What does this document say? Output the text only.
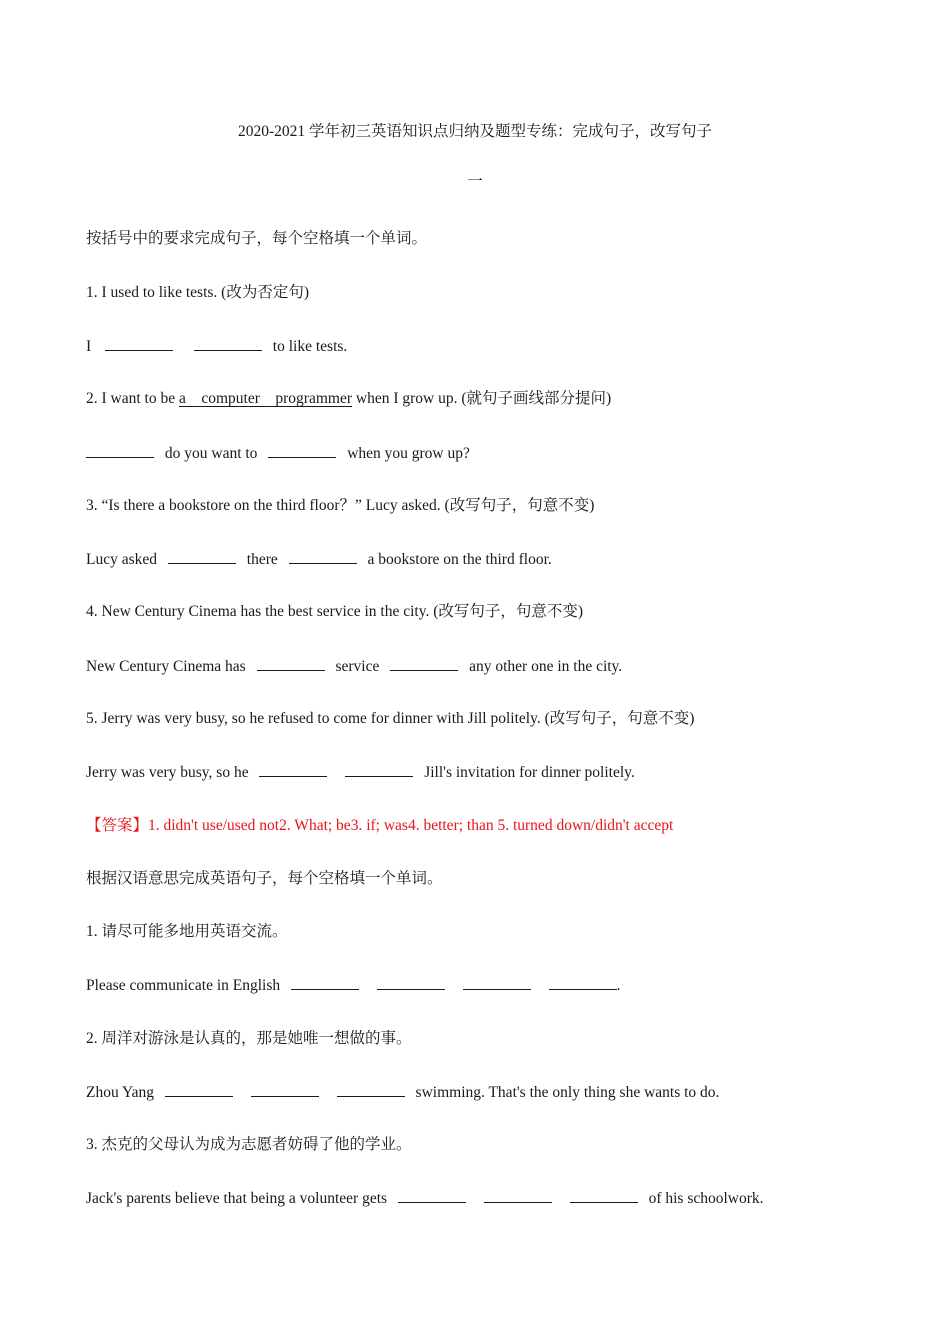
2020-2021 学年初三英语知识点归纳及题型专练：完成句子，改写句子
一
按括号中的要求完成句子，每个空格填一个单词。
1. I used to like tests. (改为否定句)
I	to like tests.
2. I want to be a    computer    programmer when I grow up. (就句子画线部分提问)
do you want to	when you grow up?
3. “Is there a bookstore on the third floor？” Lucy asked. (改写句子，句意不变)
Lucy asked	there	a bookstore on the third floor.
4. New Century Cinema has the best service in the city. (改写句子，句意不变)
New Century Cinema has	service	any other one in the city.
5. Jerry was very busy, so he refused to come for dinner with Jill politely. (改写句子，句意不变)
Jerry was very busy, so he	Jill's invitation for dinner politely.
【答案】1. didn't use/used not2. What; be3. if; was4. better; than 5. turned down/didn't accept
根据汉语意思完成英语句子，每个空格填一个单词。
1. 请尽可能多地用英语交流。
Please communicate in English	.
2. 周洋对游泳是认真的，那是她唯一想做的事。
Zhou Yang	swimming. That's the only thing she wants to do.
3. 杰克的父母认为成为志愿者妨碍了他的学业。
Jack's parents believe that being a volunteer gets	of his schoolwork.
